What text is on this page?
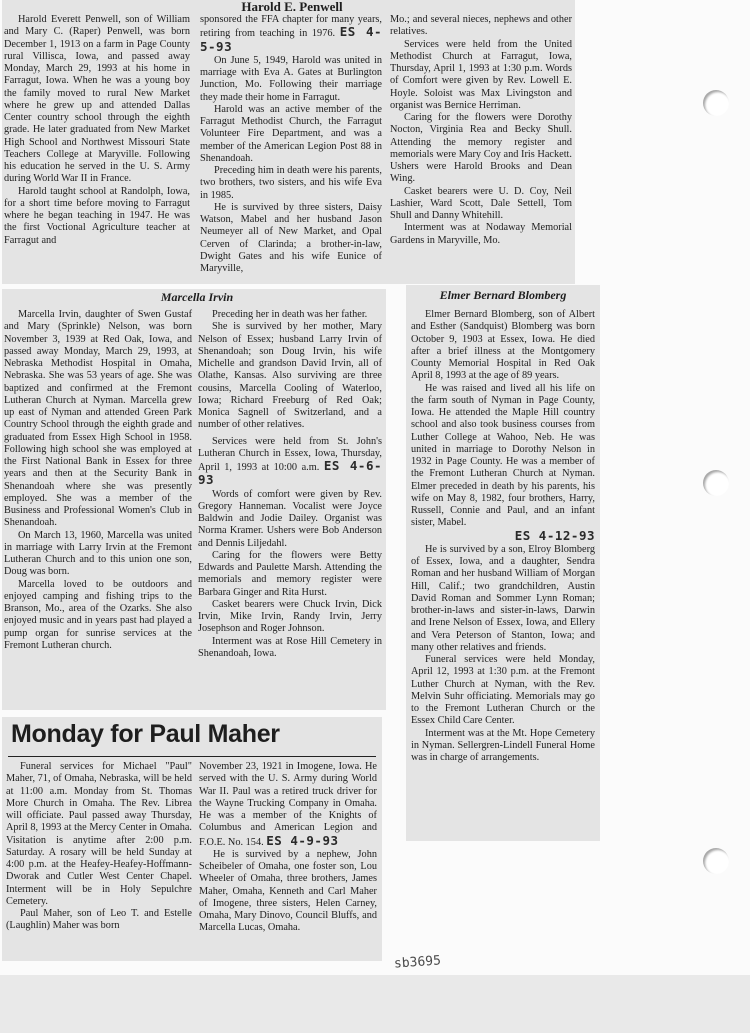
Harold E. Penwell

Harold Everett Penwell, son of William and Mary C. (Raper) Penwell, was born December 1, 1913 on a farm in Page County rural Villisca, Iowa, and passed away Monday, March 29, 1993 at his home in Farragut, Iowa. When he was a young boy the family moved to rural New Market where he grew up and attended Dallas Center country school through the eighth grade. He later graduated from New Market High School and Northwest Missouri State Teachers College at Maryville. Following his education he served in the U. S. Army during World War II in France.

Harold taught school at Randolph, Iowa, for a short time before moving to Farragut where he began teaching in 1947. He was the first Voctional Agriculture teacher at Farragut and

sponsored the FFA chapter for many years, retiring from teaching in 1976. ES 4-5-93

On June 5, 1949, Harold was united in marriage with Eva A. Gates at Burlington Junction, Mo. Following their marriage they made their home in Farragut.

Harold was an active member of the Farragut Methodist Church, the Farragut Volunteer Fire Department, and was a member of the American Legion Post 88 in Shenandoah.

Preceding him in death were his parents, two brothers, two sisters, and his wife Eva in 1985.

He is survived by three sisters, Daisy Watson, Mabel and her husband Jason Neumeyer all of New Market, and Opal Cerven of Clarinda; a brother-in-law, Dwight Gates and his wife Eunice of Maryville,

Mo.; and several nieces, nephews and other relatives.

Services were held from the United Methodist Church at Farragut, Iowa, Thursday, April 1, 1993 at 1:30 p.m. Words of Comfort were given by Rev. Lowell E. Hoyle. Soloist was Max Livingston and organist was Bernice Herriman.

Caring for the flowers were Dorothy Nocton, Virginia Rea and Becky Shull. Attending the memory register and memorials were Mary Coy and Iris Hackett. Ushers were Harold Brooks and Dean Wing.

Casket bearers were U. D. Coy, Neil Lashier, Ward Scott, Dale Settell, Tom Shull and Danny Whitehill.

Interment was at Nodaway Memorial Gardens in Maryville, Mo.

Marcella Irvin

Marcella Irvin, daughter of Swen Gustaf and Mary (Sprinkle) Nelson, was born November 3, 1939 at Red Oak, Iowa, and passed away Monday, March 29, 1993, at Nebraska Methodist Hospital in Omaha, Nebraska. She was 53 years of age. She was baptized and confirmed at the Fremont Lutheran Church at Nyman. Marcella grew up east of Nyman and attended Green Park Country School through the eighth grade and graduated from Essex High School in 1958. Following high school she was employed at the First National Bank in Essex for three years and then at the Security Bank in Shenandoah where she was presently employed. She was a member of the Business and Professional Women's Club in Shenandoah.

On March 13, 1960, Marcella was united in marriage with Larry Irvin at the Fremont Lutheran Church and to this union one son, Doug was born.

Marcella loved to be outdoors and enjoyed camping and fishing trips to the Branson, Mo., area of the Ozarks. She also enjoyed music and in years past had played a pump organ for sunrise services at the Fremont Lutheran church.

Preceding her in death was her father.

She is survived by her mother, Mary Nelson of Essex; husband Larry Irvin of Shenandoah; son Doug Irvin, his wife Michelle and grandson David Irvin, all of Olathe, Kansas. Also surviving are three cousins, Marcella Cooling of Waterloo, Iowa; Richard Freeburg of Red Oak; Monica Sagnell of Switzerland, and a number of other relatives.

Services were held from St. John's Lutheran Church in Essex, Iowa, Thursday, April 1, 1993 at 10:00 a.m. ES 4-6-93

Words of comfort were given by Rev. Gregory Hanneman. Vocalist were Joyce Baldwin and Jodie Dailey. Organist was Norma Kramer. Ushers were Bob Anderson and Dennis Liljedahl.

Caring for the flowers were Betty Edwards and Paulette Marsh. Attending the memorials and memory register were Barbara Ginger and Rita Hurst.

Casket bearers were Chuck Irvin, Dick Irvin, Mike Irvin, Randy Irvin, Jerry Josephson and Roger Johnson.

Interment was at Rose Hill Cemetery in Shenandoah, Iowa.

Elmer Bernard Blomberg

Elmer Bernard Blomberg, son of Albert and Esther (Sandquist) Blomberg was born October 9, 1903 at Essex, Iowa. He died after a brief illness at the Montgomery County Memorial Hospital in Red Oak April 8, 1993 at the age of 89 years.

He was raised and lived all his life on the farm south of Nyman in Page County, Iowa. He attended the Maple Hill country school and also took business courses from Luther College at Wahoo, Neb. He was united in marriage to Dorothy Nelson in 1932 in Page County. He was a member of the Fremont Lutheran Church at Nyman. Elmer preceded in death by his parents, his wife on May 8, 1982, four brothers, Harry, Russell, Connie and Paul, and an infant sister, Mabel.

ES 4-12-93

He is survived by a son, Elroy Blomberg of Essex, Iowa, and a daughter, Sendra Roman and her husband William of Morgan Hill, Calif.; two grandchildren, Austin David Roman and Sommer Lynn Roman; brother-in-laws and sister-in-laws, Darwin and Irene Nelson of Essex, Iowa, and Ellery and Vera Peterson of Stanton, Iowa; and many other relatives and friends.

Funeral services were held Monday, April 12, 1993 at 1:30 p.m. at the Fremont Luther Church at Nyman, with the Rev. Melvin Suhr officiating. Memorials may go to the Fremont Lutheran Church or the Essex Child Care Center.

Interment was at the Mt. Hope Cemetery in Nyman. Sellergren-Lindell Funeral Home was in charge of arrangements.

Monday for Paul Maher

Funeral services for Michael "Paul" Maher, 71, of Omaha, Nebraska, will be held at 11:00 a.m. Monday from St. Thomas More Church in Omaha. The Rev. Librea will officiate. Paul passed away Thursday, April 8, 1993 at the Mercy Center in Omaha. Visitation is anytime after 2:00 p.m. Saturday. A rosary will be held Sunday at 4:00 p.m. at the Heafey-Heafey-Hoffmann-Dworak and Cutler West Center Chapel. Interment will be in Holy Sepulchre Cemetery.

Paul Maher, son of Leo T. and Estelle (Laughlin) Maher was born

November 23, 1921 in Imogene, Iowa. He served with the U. S. Army during World War II. Paul was a retired truck driver for the Wayne Trucking Company in Omaha. He was a member of the Knights of Columbus and American Legion and F.O.E. No. 154. ES 4-9-93

He is survived by a nephew, John Scheibeler of Omaha, one foster son, Lou Wheeler of Omaha, three brothers, James Maher, Omaha, Kenneth and Carl Maher of Imogene, three sisters, Helen Carney, Omaha, Mary Dinovo, Council Bluffs, and Marcella Lucas, Omaha.

sb3695
